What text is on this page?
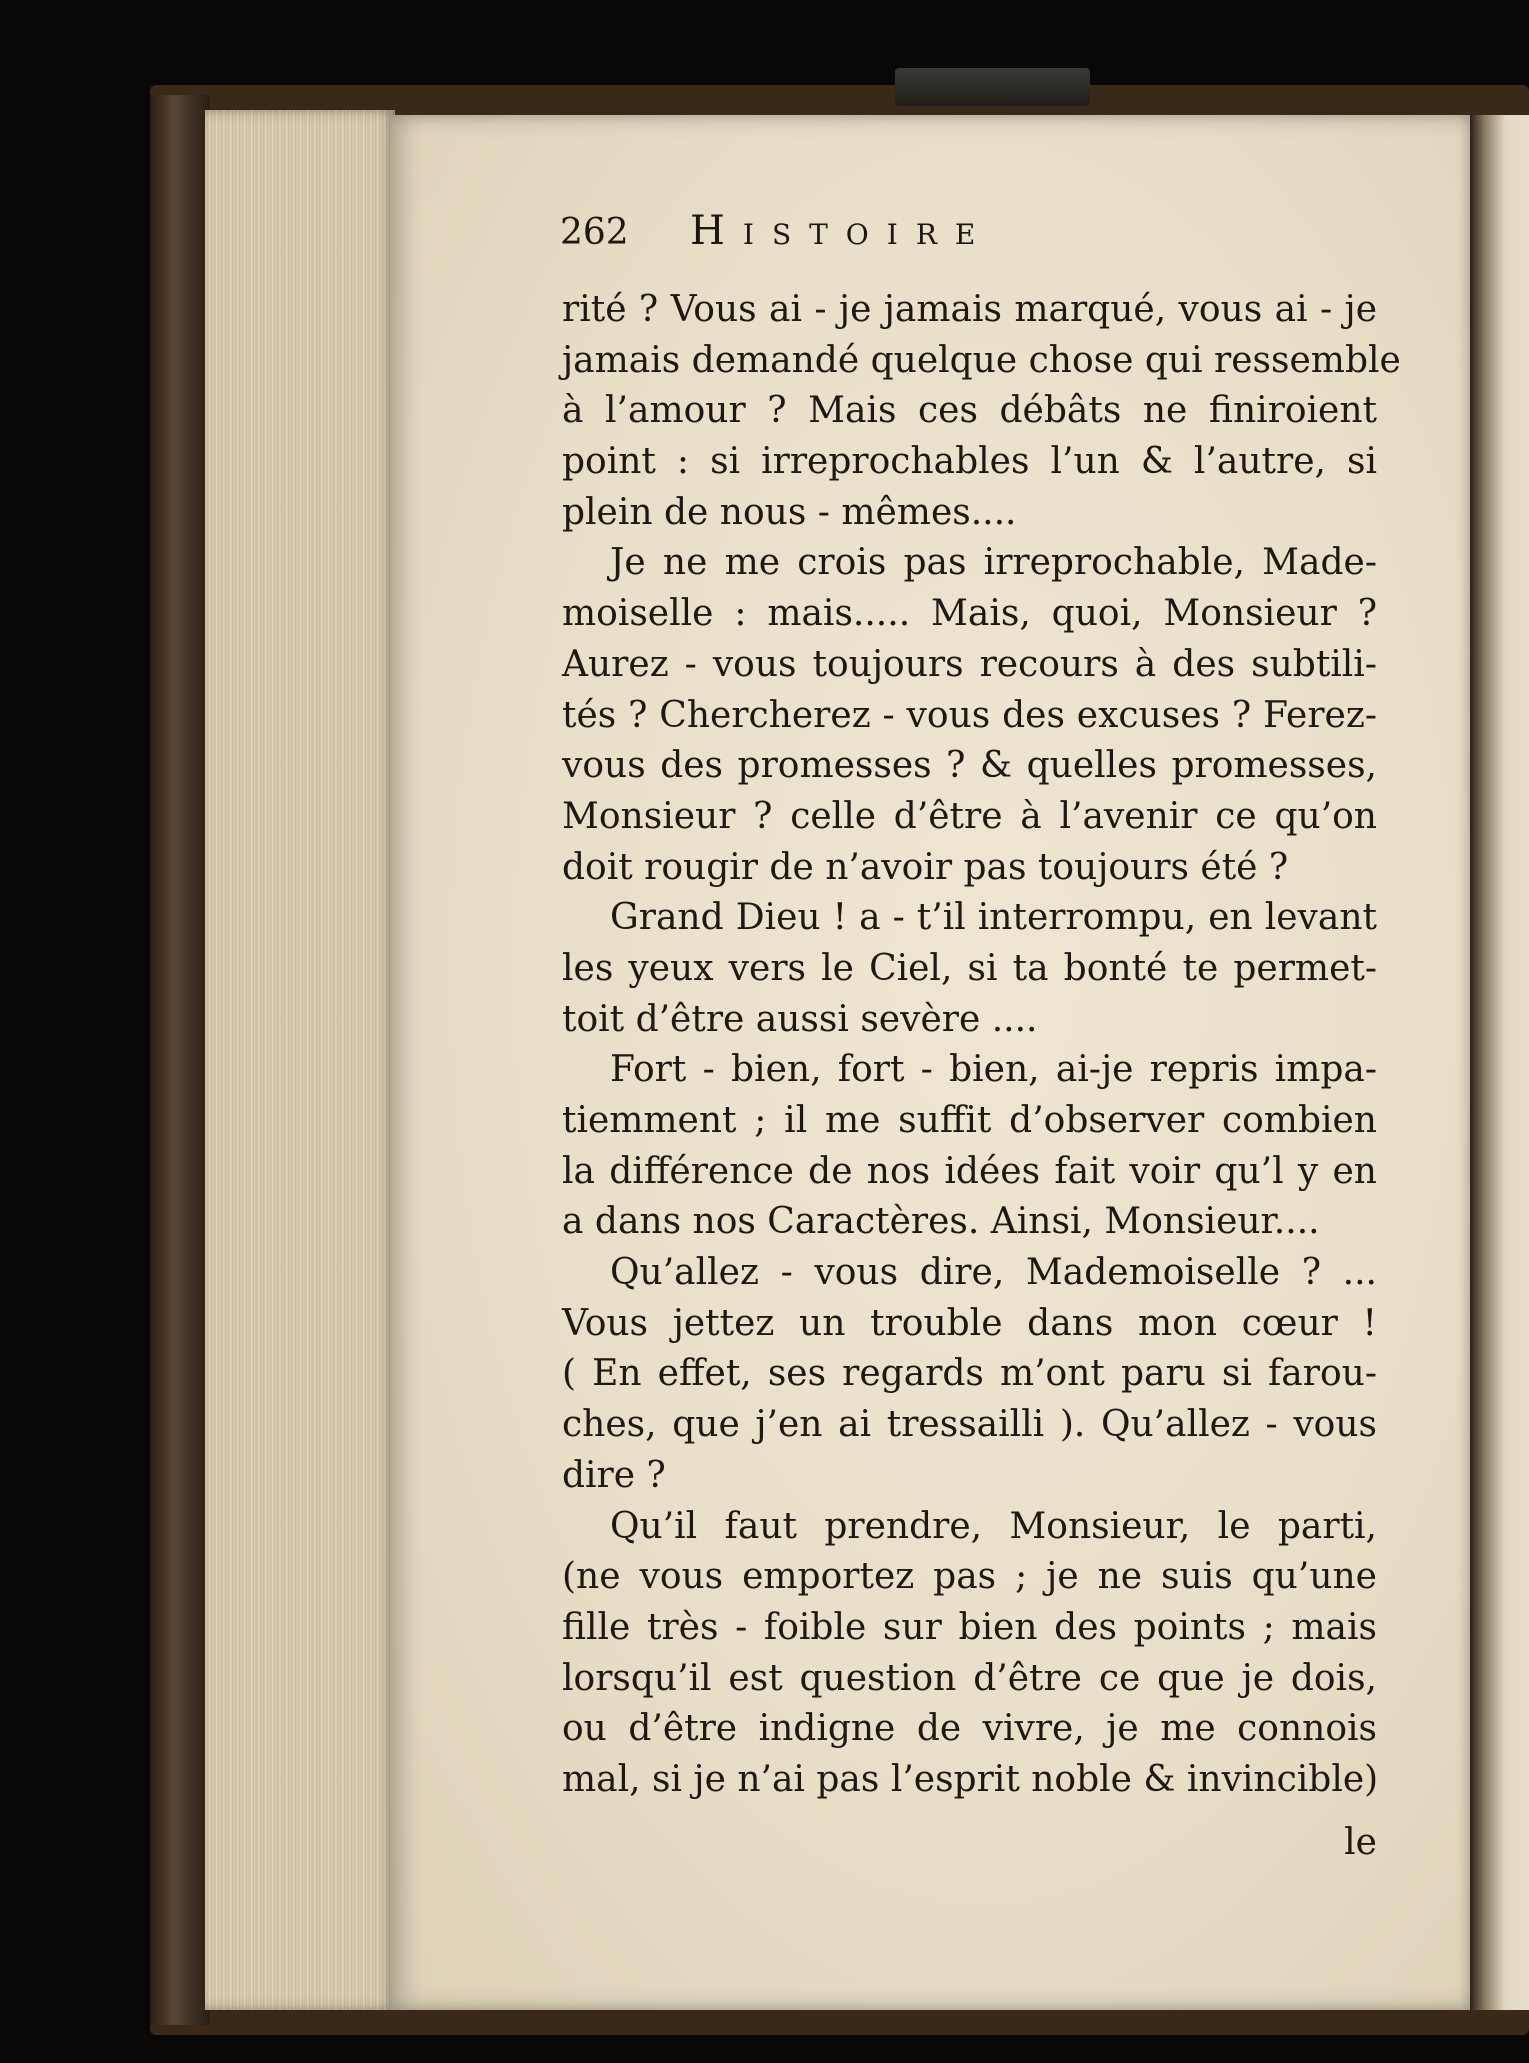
262 Histoire
rité ? Vous ai - je jamais marqué, vous ai - je
jamais demandé quelque chose qui ressemble
à l’amour ? Mais ces débâts ne finiroient
point : si irreprochables l’un & l’autre, si
plein de nous - mêmes....
Je ne me crois pas irreprochable, Made-
moiselle : mais..... Mais, quoi, Monsieur ?
Aurez - vous toujours recours à des subtili-
tés ? Chercherez - vous des excuses ? Ferez-
vous des promesses ? & quelles promesses,
Monsieur ? celle d’être à l’avenir ce qu’on
doit rougir de n’avoir pas toujours été ?
Grand Dieu ! a - t’il interrompu, en levant
les yeux vers le Ciel, si ta bonté te permet-
toit d’être aussi sevère ....
Fort - bien, fort - bien, ai-je repris impa-
tiemment ; il me suffit d’observer combien
la différence de nos idées fait voir qu’l y en
a dans nos Caractères. Ainsi, Monsieur....
Qu’allez - vous dire, Mademoiselle ? ...
Vous jettez un trouble dans mon cœur !
( En effet, ses regards m’ont paru si farou-
ches, que j’en ai tressailli ). Qu’allez - vous
dire ?
Qu’il faut prendre, Monsieur, le parti,
(ne vous emportez pas ; je ne suis qu’une
fille très - foible sur bien des points ; mais
lorsqu’il est question d’être ce que je dois,
ou d’être indigne de vivre, je me connois
mal, si je n’ai pas l’esprit noble & invincible)
le
